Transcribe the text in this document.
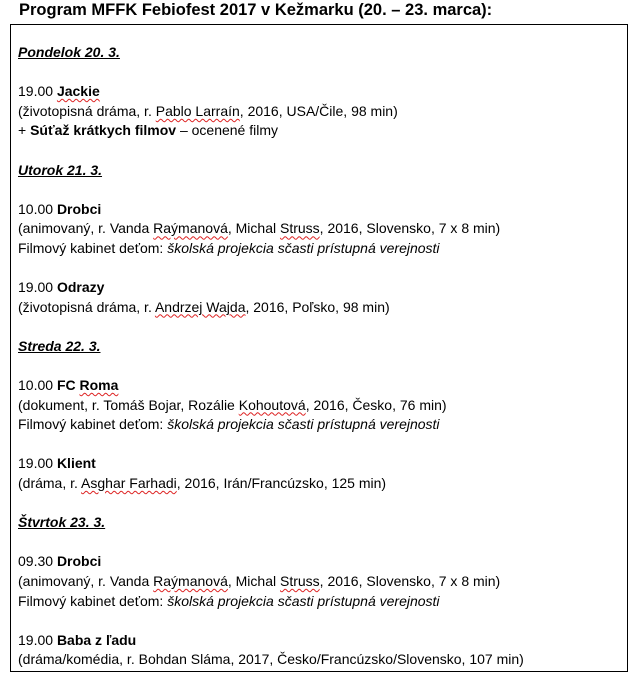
Program MFFK Febiofest 2017 v Kežmarku (20. – 23. marca):
Pondelok 20. 3.
19.00 Jackie
(životopisná dráma, r. Pablo Larraín, 2016, USA/Čile, 98 min)
+ Súťaž krátkych filmov – ocenené filmy
Utorok 21. 3.
10.00 Drobci
(animovaný, r. Vanda Raýmanová, Michal Struss, 2016, Slovensko, 7 x 8 min)
Filmový kabinet deťom: školská projekcia sčasti prístupná verejnosti
19.00 Odrazy
(životopisná dráma, r. Andrzej Wajda, 2016, Poľsko, 98 min)
Streda 22. 3.
10.00 FC Roma
(dokument, r. Tomáš Bojar, Rozálie Kohoutová, 2016, Česko, 76 min)
Filmový kabinet deťom: školská projekcia sčasti prístupná verejnosti
19.00 Klient
(dráma, r. Asghar Farhadi, 2016, Irán/Francúzsko, 125 min)
Štvrtok 23. 3.
09.30 Drobci
(animovaný, r. Vanda Raýmanová, Michal Struss, 2016, Slovensko, 7 x 8 min)
Filmový kabinet deťom: školská projekcia sčasti prístupná verejnosti
19.00 Baba z ľadu
(dráma/komédia, r. Bohdan Sláma, 2017, Česko/Francúzsko/Slovensko, 107 min)
